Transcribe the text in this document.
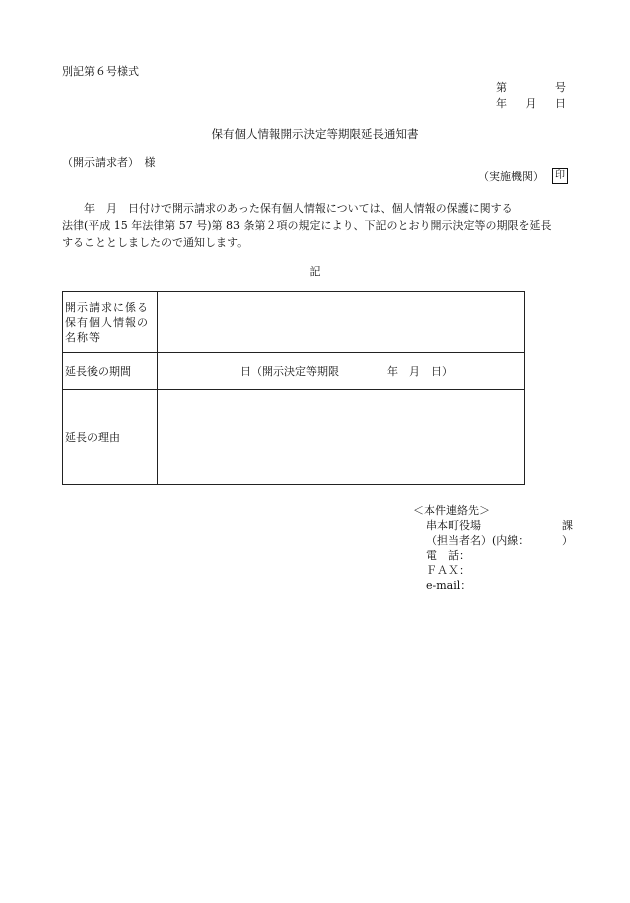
別記第６号様式
第	号
年 月 日
保有個人情報開示決定等期限延長通知書
（開示請求者）　様
（実施機関）	印
　　年　月　日付けで開示請求のあった保有個人情報については、個人情報の保護に関する
法律(平成 15 年法律第 57 号)第 83 条第２項の規定により、下記のとおり開示決定等の期限を延長
することとしましたので通知します。
記
開示請求に係る
保有個人情報の
名称等	

延長後の期間	日（開示決定等期限 年　月　日）

延長の理由	
＜本件連絡先＞
串本町役場	課
（担当者名）(内線：	）
電　話：
ＦＡＸ：
e-mail：
